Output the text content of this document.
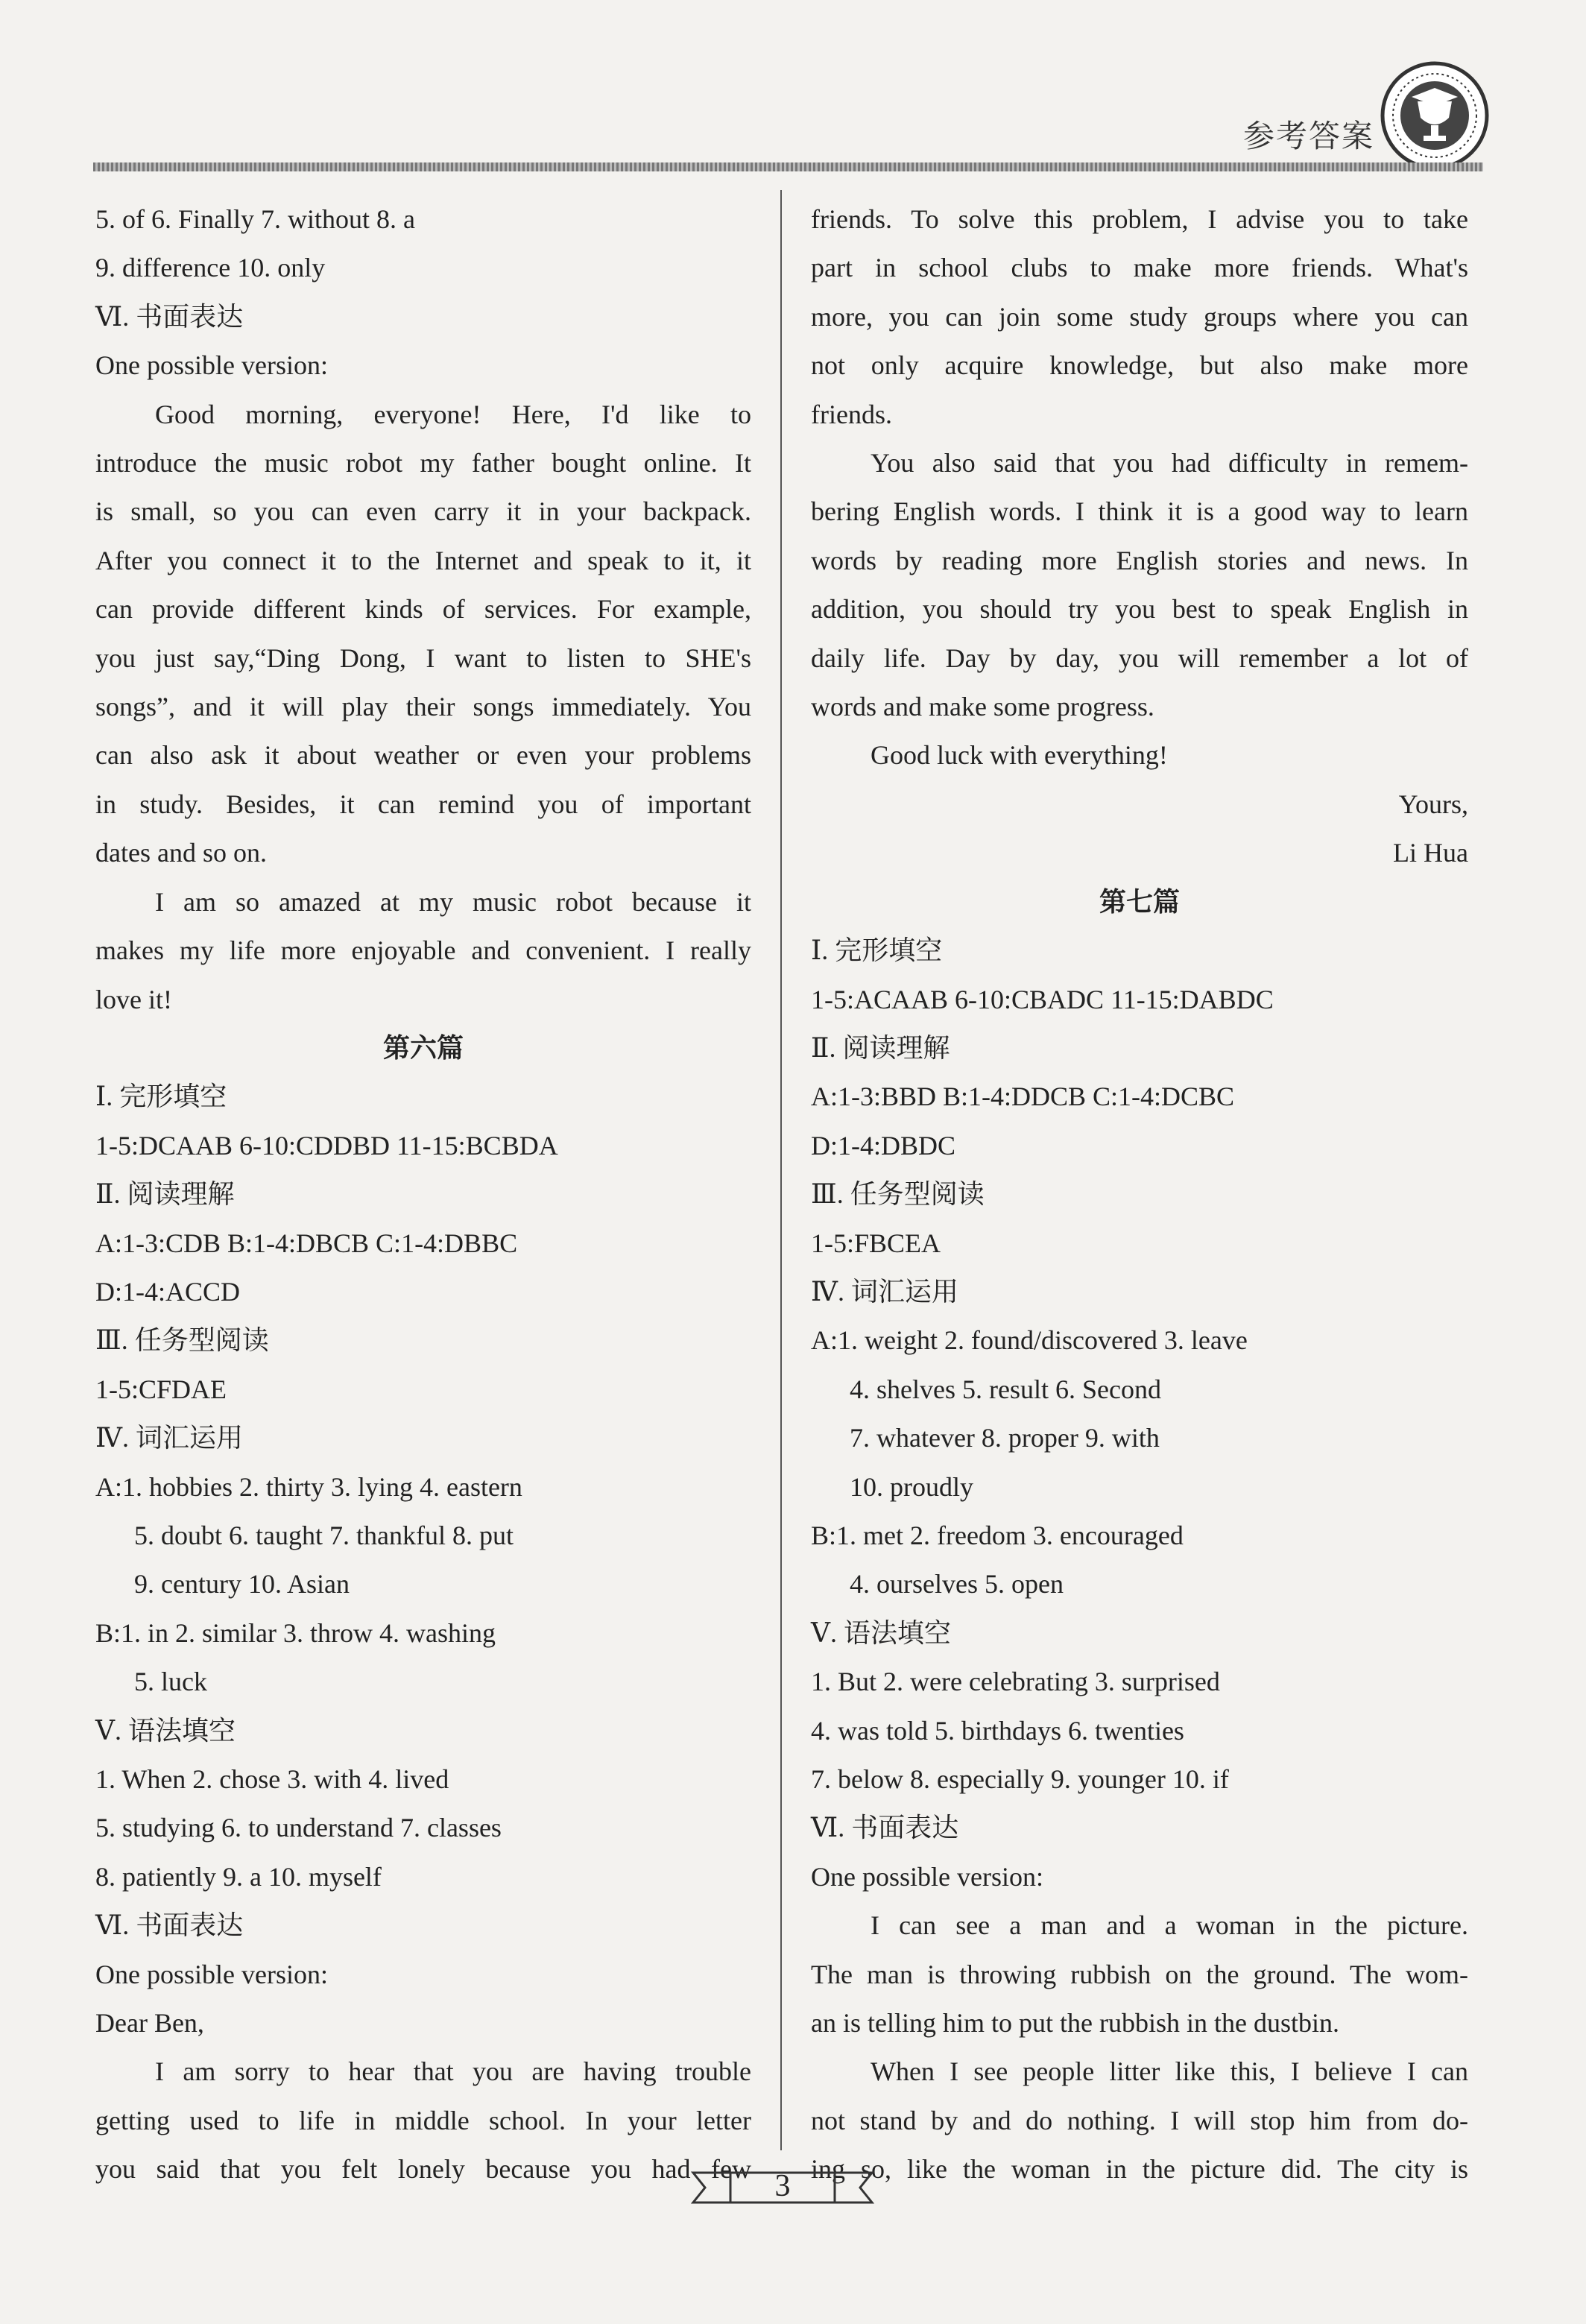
参考答案
5. of 6. Finally 7. without 8. a
9. difference 10. only
Ⅵ. 书面表达
One possible version:
Good morning, everyone! Here, I'd like to
introduce the music robot my father bought online. It
is small, so you can even carry it in your backpack.
After you connect it to the Internet and speak to it, it
can provide different kinds of services. For example,
you just say,“Ding Dong, I want to listen to SHE's
songs”, and it will play their songs immediately. You
can also ask it about weather or even your problems
in study. Besides, it can remind you of important
dates and so on.
I am so amazed at my music robot because it
makes my life more enjoyable and convenient. I really
love it!
第六篇
Ⅰ. 完形填空
1-5:DCAAB 6-10:CDDBD 11-15:BCBDA
Ⅱ. 阅读理解
A:1-3:CDB B:1-4:DBCB C:1-4:DBBC
D:1-4:ACCD
Ⅲ. 任务型阅读
1-5:CFDAE
Ⅳ. 词汇运用
A:1. hobbies 2. thirty 3. lying 4. eastern
5. doubt 6. taught 7. thankful 8. put
9. century 10. Asian
B:1. in 2. similar 3. throw 4. washing
5. luck
Ⅴ. 语法填空
1. When 2. chose 3. with 4. lived
5. studying 6. to understand 7. classes
8. patiently 9. a 10. myself
Ⅵ. 书面表达
One possible version:
Dear Ben,
I am sorry to hear that you are having trouble
getting used to life in middle school. In your letter
you said that you felt lonely because you had few
friends. To solve this problem, I advise you to take
part in school clubs to make more friends. What's
more, you can join some study groups where you can
not only acquire knowledge, but also make more
friends.
You also said that you had difficulty in remem-
bering English words. I think it is a good way to learn
words by reading more English stories and news. In
addition, you should try you best to speak English in
daily life. Day by day, you will remember a lot of
words and make some progress.
Good luck with everything!
Yours,
Li Hua
第七篇
Ⅰ. 完形填空
1-5:ACAAB 6-10:CBADC 11-15:DABDC
Ⅱ. 阅读理解
A:1-3:BBD B:1-4:DDCB C:1-4:DCBC
D:1-4:DBDC
Ⅲ. 任务型阅读
1-5:FBCEA
Ⅳ. 词汇运用
A:1. weight 2. found/discovered 3. leave
4. shelves 5. result 6. Second
7. whatever 8. proper 9. with
10. proudly
B:1. met 2. freedom 3. encouraged
4. ourselves 5. open
Ⅴ. 语法填空
1. But 2. were celebrating 3. surprised
4. was told 5. birthdays 6. twenties
7. below 8. especially 9. younger 10. if
Ⅵ. 书面表达
One possible version:
I can see a man and a woman in the picture.
The man is throwing rubbish on the ground. The wom-
an is telling him to put the rubbish in the dustbin.
When I see people litter like this, I believe I can
not stand by and do nothing. I will stop him from do-
ing so, like the woman in the picture did. The city is
3
